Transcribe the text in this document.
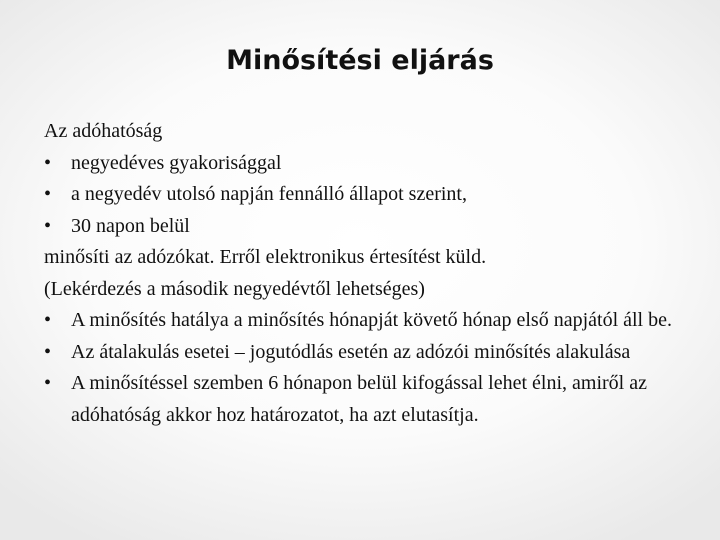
Minősítési eljárás
Az adóhatóság
• negyedéves gyakorisággal
• a negyedév utolsó napján fennálló állapot szerint,
• 30 napon belül
minősíti az adózókat. Erről elektronikus értesítést küld.
(Lekérdezés a második negyedévtől lehetséges)
• A minősítés hatálya a minősítés hónapját követő hónap első napjától áll be.
• Az átalakulás esetei – jogutódlás esetén az adózói minősítés alakulása
• A minősítéssel szemben 6 hónapon belül kifogással lehet élni, amiről az adóhatóság akkor hoz határozatot, ha azt elutasítja.
